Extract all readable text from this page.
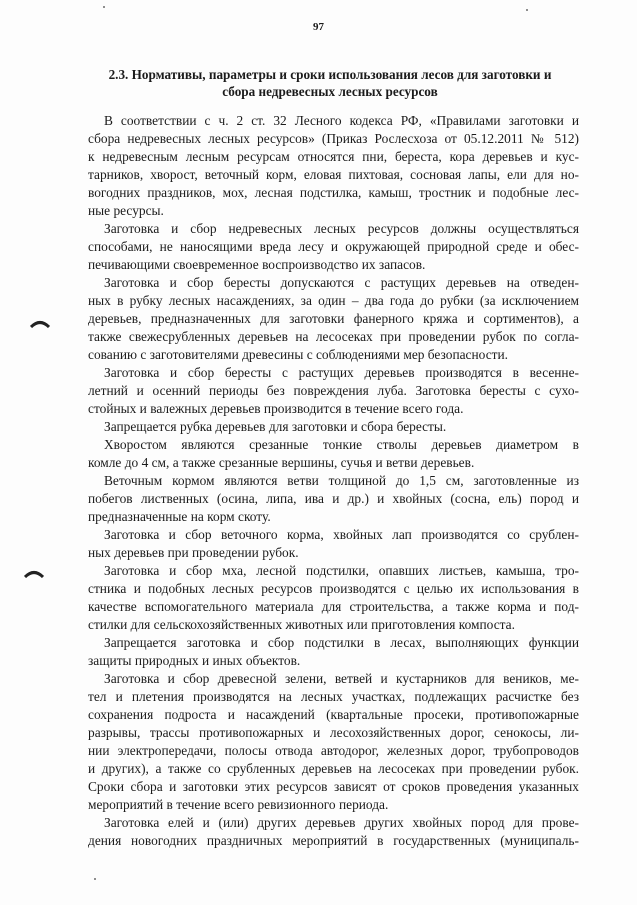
97
2.3. Нормативы, параметры и сроки использования лесов для заготовки и
сбора недревесных лесных ресурсов
В соответствии с ч. 2 ст. 32 Лесного кодекса РФ, «Правилами заготовки и
сбора недревесных лесных ресурсов» (Приказ Рослесхоза от 05.12.2011 № 512)
к недревесным лесным ресурсам относятся пни, береста, кора деревьев и кус-
тарников, хворост, веточный корм, еловая пихтовая, сосновая лапы, ели для но-
вогодних праздников, мох, лесная подстилка, камыш, тростник и подобные лес-
ные ресурсы.
Заготовка и сбор недревесных лесных ресурсов должны осуществляться
способами, не наносящими вреда лесу и окружающей природной среде и обес-
печивающими своевременное воспроизводство их запасов.
Заготовка и сбор бересты допускаются с растущих деревьев на отведен-
ных в рубку лесных насаждениях, за один – два года до рубки (за исключением
деревьев, предназначенных для заготовки фанерного кряжа и сортиментов), а
также свежесрубленных деревьев на лесосеках при проведении рубок по согла-
сованию с заготовителями древесины с соблюдениями мер безопасности.
Заготовка и сбор бересты с растущих деревьев производятся в весенне-
летний и осенний периоды без повреждения луба. Заготовка бересты с сухо-
стойных и валежных деревьев производится в течение всего года.
Запрещается рубка деревьев для заготовки и сбора бересты.
Хворостом являются срезанные тонкие стволы деревьев диаметром в
комле до 4 см, а также срезанные вершины, сучья и ветви деревьев.
Веточным кормом являются ветви толщиной до 1,5 см, заготовленные из
побегов лиственных (осина, липа, ива и др.) и хвойных (сосна, ель) пород и
предназначенные на корм скоту.
Заготовка и сбор веточного корма, хвойных лап производятся со срублен-
ных деревьев при проведении рубок.
Заготовка и сбор мха, лесной подстилки, опавших листьев, камыша, тро-
стника и подобных лесных ресурсов производятся с целью их использования в
качестве вспомогательного материала для строительства, а также корма и под-
стилки для сельскохозяйственных животных или приготовления компоста.
Запрещается заготовка и сбор подстилки в лесах, выполняющих функции
защиты природных и иных объектов.
Заготовка и сбор древесной зелени, ветвей и кустарников для веников, ме-
тел и плетения производятся на лесных участках, подлежащих расчистке без
сохранения подроста и насаждений (квартальные просеки, противопожарные
разрывы, трассы противопожарных и лесохозяйственных дорог, сенокосы, ли-
нии электропередачи, полосы отвода автодорог, железных дорог, трубопроводов
и других), а также со срубленных деревьев на лесосеках при проведении рубок.
Сроки сбора и заготовки этих ресурсов зависят от сроков проведения указанных
мероприятий в течение всего ревизионного периода.
Заготовка елей и (или) других деревьев других хвойных пород для прове-
дения новогодних праздничных мероприятий в государственных (муниципаль-
